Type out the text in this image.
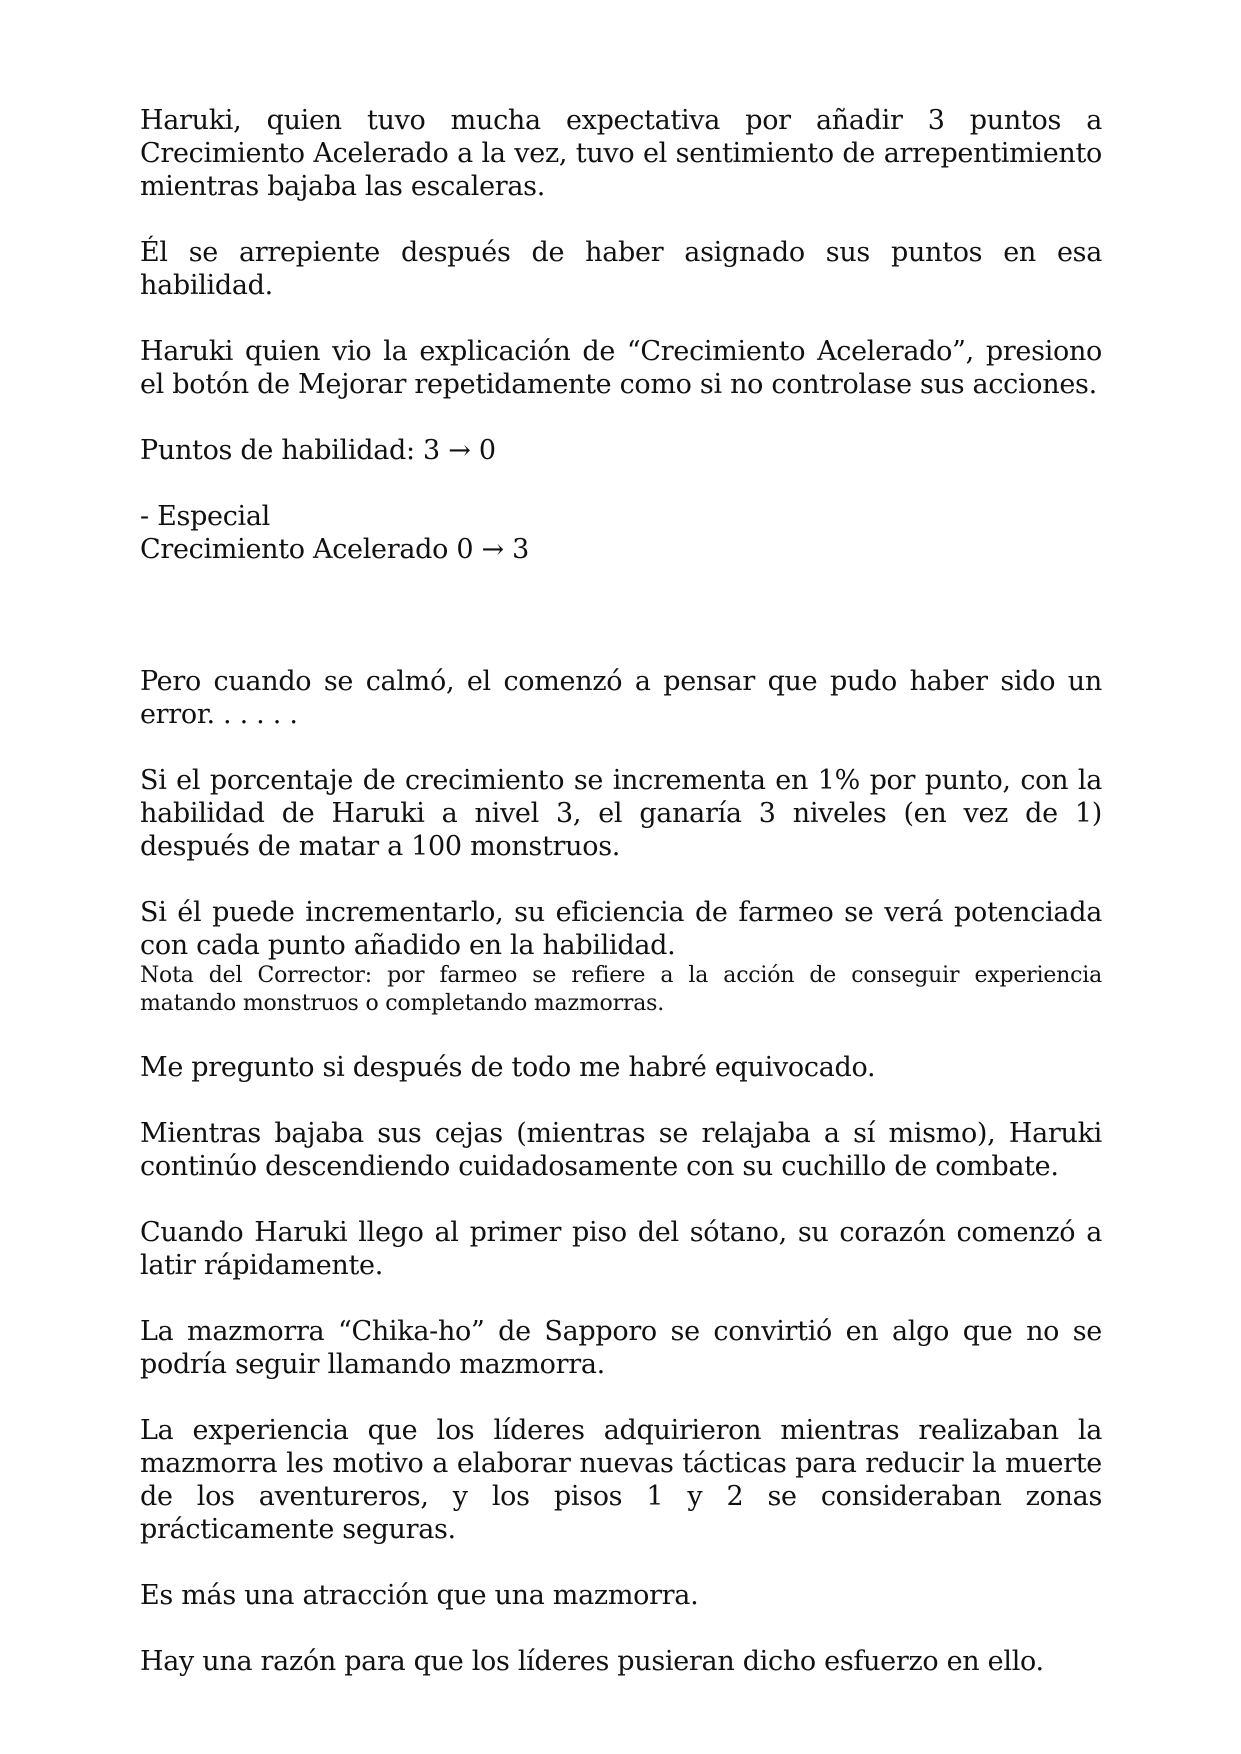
Haruki, quien tuvo mucha expectativa por añadir 3 puntos a Crecimiento Acelerado a la vez, tuvo el sentimiento de arrepentimiento mientras bajaba las escaleras.

Él se arrepiente después de haber asignado sus puntos en esa habilidad.

Haruki quien vio la explicación de “Crecimiento Acelerado”, presiono el botón de Mejorar repetidamente como si no controlase sus acciones.

Puntos de habilidad: 3 → 0

- Especial

Crecimiento Acelerado 0 → 3

Pero cuando se calmó, el comenzó a pensar que pudo haber sido un error. . . . . .

Si el porcentaje de crecimiento se incrementa en 1% por punto, con la habilidad de Haruki a nivel 3, el ganaría 3 niveles (en vez de 1) después de matar a 100 monstruos.

Si él puede incrementarlo, su eficiencia de farmeo se verá potenciada con cada punto añadido en la habilidad.

Nota del Corrector: por farmeo se refiere a la acción de conseguir experiencia matando monstruos o completando mazmorras.

Me pregunto si después de todo me habré equivocado.

Mientras bajaba sus cejas (mientras se relajaba a sí mismo), Haruki continúo descendiendo cuidadosamente con su cuchillo de combate.

Cuando Haruki llego al primer piso del sótano, su corazón comenzó a latir rápidamente.

La mazmorra “Chika-ho” de Sapporo se convirtió en algo que no se podría seguir llamando mazmorra.

La experiencia que los líderes adquirieron mientras realizaban la mazmorra les motivo a elaborar nuevas tácticas para reducir la muerte de los aventureros, y los pisos 1 y 2 se consideraban zonas prácticamente seguras.

Es más una atracción que una mazmorra.

Hay una razón para que los líderes pusieran dicho esfuerzo en ello.
